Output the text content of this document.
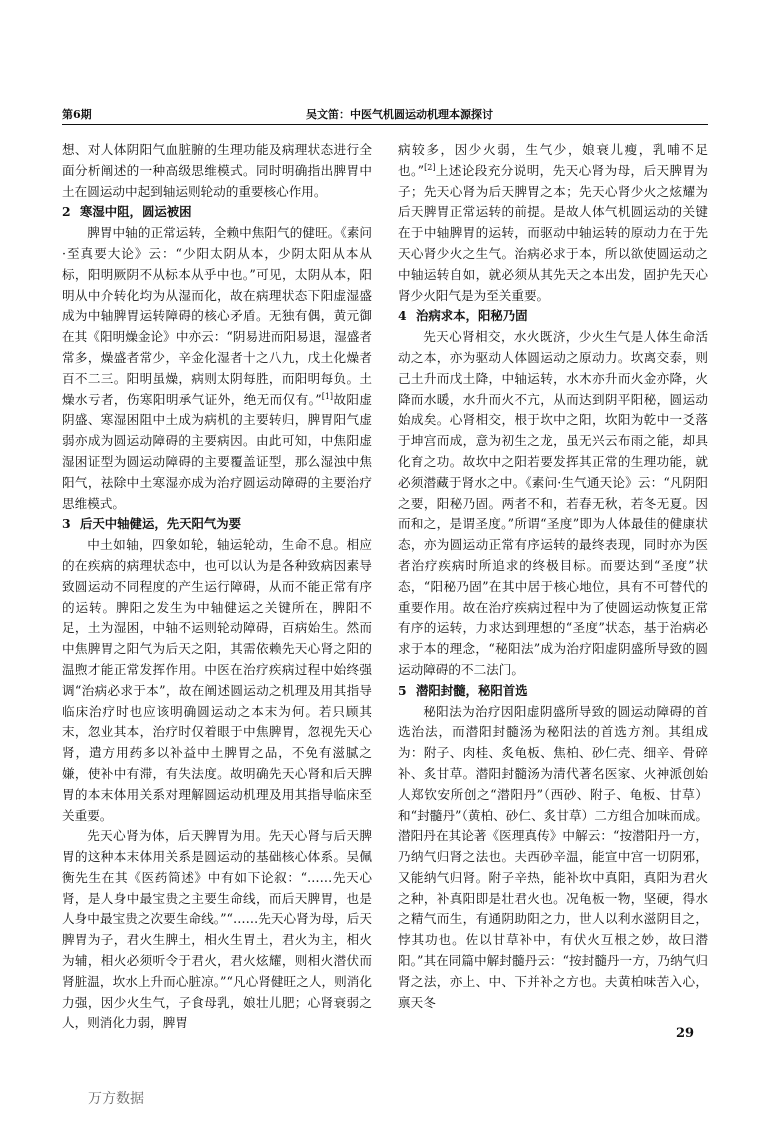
第6期	吴文笛：中医气机圆运动机理本源探讨

想、对人体阴阳气血脏腑的生理功能及病理状态进行全面分析阐述的一种高级思维模式。同时明确指出脾胃中土在圆运动中起到轴运则轮动的重要核心作用。

2 寒湿中阻，圆运被困

脾胃中轴的正常运转，全赖中焦阳气的健旺。《素问·至真要大论》云：“少阳太阴从本，少阴太阳从本从标，阳明厥阴不从标本从乎中也。”可见，太阴从本，阳明从中介转化均为从湿而化，故在病理状态下阳虚湿盛成为中轴脾胃运转障碍的核心矛盾。无独有偶，黄元御在其《阳明燥金论》中亦云：“阴易进而阳易退，湿盛者常多，燥盛者常少，辛金化湿者十之八九，戊土化燥者百不二三。阳明虽燥，病则太阴每胜，而阳明每负。土燥水亏者，伤寒阳明承气证外，绝无而仅有。”[1]故阳虚阴盛、寒湿困阻中土成为病机的主要转归，脾胃阳气虚弱亦成为圆运动障碍的主要病因。由此可知，中焦阳虚湿困证型为圆运动障碍的主要覆盖证型，那么湿浊中焦阳气，祛除中土寒湿亦成为治疗圆运动障碍的主要治疗思维模式。

3 后天中轴健运，先天阳气为要

中土如轴，四象如轮，轴运轮动，生命不息。相应的在疾病的病理状态中，也可以认为是各种致病因素导致圆运动不同程度的产生运行障碍，从而不能正常有序的运转。脾阳之发生为中轴健运之关键所在，脾阳不足，土为湿困，中轴不运则轮动障碍，百病始生。然而中焦脾胃之阳气为后天之阳，其需依赖先天心肾之阳的温煦才能正常发挥作用。中医在治疗疾病过程中始终强调“治病必求于本”，故在阐述圆运动之机理及用其指导临床治疗时也应该明确圆运动之本末为何。若只顾其末，忽业其本，治疗时仅着眼于中焦脾胃，忽视先天心肾，遣方用药多以补益中土脾胃之品，不免有滋腻之嫌，使补中有滞，有失法度。故明确先天心肾和后天脾胃的本末体用关系对理解圆运动机理及用其指导临床至关重要。

先天心肾为体，后天脾胃为用。先天心肾与后天脾胃的这种本末体用关系是圆运动的基础核心体系。吴佩衡先生在其《医药简述》中有如下论叙：“……先天心肾，是人身中最宝贵之主要生命线，而后天脾胃，也是人身中最宝贵之次要生命线。”“……先天心肾为母，后天脾胃为子，君火生脾土，相火生胃土，君火为主，相火为辅，相火必须听令于君火，君火炫耀，则相火潜伏而肾脏温，坎水上升而心脏凉。”“凡心肾健旺之人，则消化力强，因少火生气，子食母乳，娘壮儿肥；心肾衰弱之人，则消化力弱，脾胃

病较多，因少火弱，生气少，娘衰儿瘦，乳哺不足也。”[2]上述论段充分说明，先天心肾为母，后天脾胃为子；先天心肾为后天脾胃之本；先天心肾少火之炫耀为后天脾胃正常运转的前提。是故人体气机圆运动的关键在于中轴脾胃的运转，而驱动中轴运转的原动力在于先天心肾少火之生气。治病必求于本，所以欲使圆运动之中轴运转自如，就必须从其先天之本出发，固护先天心肾少火阳气是为至关重要。

4 治病求本，阳秘乃固

先天心肾相交，水火既济，少火生气是人体生命活动之本，亦为驱动人体圆运动之原动力。坎离交泰，则己土升而戊土降，中轴运转，水木亦升而火金亦降，火降而水暖，水升而火不亢，从而达到阴平阳秘，圆运动始成矣。心肾相交，根于坎中之阳，坎阳为乾中一爻落于坤宫而成，意为初生之龙，虽无兴云布雨之能，却具化育之功。故坎中之阳若要发挥其正常的生理功能，就必须潜藏于肾水之中。《素问·生气通天论》云：“凡阴阳之要，阳秘乃固。两者不和，若春无秋，若冬无夏。因而和之，是谓圣度。”所谓“圣度”即为人体最佳的健康状态，亦为圆运动正常有序运转的最终表现，同时亦为医者治疗疾病时所追求的终极目标。而要达到“圣度”状态，“阳秘乃固”在其中居于核心地位，具有不可替代的重要作用。故在治疗疾病过程中为了使圆运动恢复正常有序的运转，力求达到理想的“圣度”状态，基于治病必求于本的理念，“秘阳法”成为治疗阳虚阴盛所导致的圆运动障碍的不二法门。

5 潜阳封髓，秘阳首选

秘阳法为治疗因阳虚阴盛所导致的圆运动障碍的首选治法，而潜阳封髓汤为秘阳法的首选方剂。其组成为：附子、肉桂、炙龟板、焦柏、砂仁壳、细辛、骨碎补、炙甘草。潜阳封髓汤为清代著名医家、火神派创始人郑钦安所创之“潜阳丹”（西砂、附子、龟板、甘草）和“封髓丹”（黄柏、砂仁、炙甘草）二方组合加味而成。潜阳丹在其论著《医理真传》中解云：“按潜阳丹一方，乃纳气归肾之法也。夫西砂辛温，能宣中宫一切阴邪，又能纳气归肾。附子辛热，能补坎中真阳，真阳为君火之种，补真阳即是壮君火也。况龟板一物，坚硬，得水之精气而生，有通阴助阳之力，世人以利水滋阴目之，悖其功也。佐以甘草补中，有伏火互根之妙，故曰潜阳。”其在同篇中解封髓丹云：“按封髓丹一方，乃纳气归肾之法，亦上、中、下并补之方也。夫黄柏味苦入心，禀天冬

29
万方数据
